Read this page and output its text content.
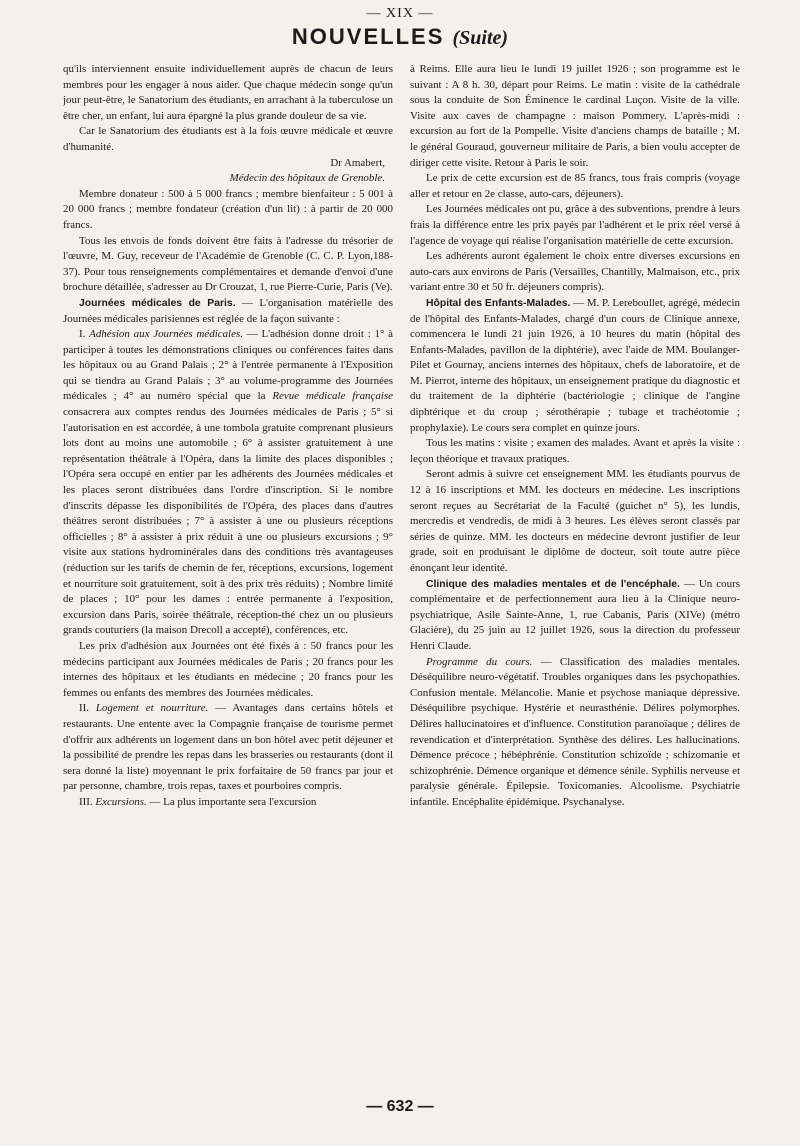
— XIX —
NOUVELLES (Suite)

qu'ils interviennent ensuite individuellement auprès de chacun de leurs membres pour les engager à nous aider. Que chaque médecin songe qu'un jour peut-être, le Sanatorium des étudiants, en arrachant à la tuberculose un être cher, un enfant, lui aura épargné la plus grande douleur de sa vie.

Car le Sanatorium des étudiants est à la fois œuvre médicale et œuvre d'humanité.

Dr Amabert,

Médecin des hôpitaux de Grenoble.

Membre donateur : 500 à 5 000 francs ; membre bienfaiteur : 5 001 à 20 000 francs ; membre fondateur (création d'un lit) : à partir de 20 000 francs.

Tous les envois de fonds doivent être faits à l'adresse du trésorier de l'œuvre, M. Guy, receveur de l'Académie de Grenoble (C. C. P. Lyon,188-37). Pour tous renseignements complémentaires et demande d'envoi d'une brochure détaillée, s'adresser au Dr Crouzat, 1, rue Pierre-Curie, Paris (Ve).

Journées médicales de Paris. — L'organisation matérielle des Journées médicales parisiennes est réglée de la façon suivante :

I. Adhésion aux Journées médicales. — L'adhésion donne droit : 1° à participer à toutes les démonstrations cliniques ou conférences faites dans les hôpitaux ou au Grand Palais ; 2° à l'entrée permanente à l'Exposition qui se tiendra au Grand Palais ; 3° au volume-programme des Journées médicales ; 4° au numéro spécial que la Revue médicale française consacrera aux comptes rendus des Journées médicales de Paris ; 5° si l'autorisation en est accordée, à une tombola gratuite comprenant plusieurs lots dont au moins une automobile ; 6° à assister gratuitement à une représentation théâtrale à l'Opéra, dans la limite des places disponibles ; l'Opéra sera occupé en entier par les adhérents des Journées médicales et les places seront distribuées dans l'ordre d'inscription. Si le nombre d'inscrits dépasse les disponibilités de l'Opéra, des places dans d'autres théâtres seront distribuées ; 7° à assister à une ou plusieurs réceptions officielles ; 8° à assister à prix réduit à une ou plusieurs excursions ; 9° visite aux stations hydrominérales dans des conditions très avantageuses (réduction sur les tarifs de chemin de fer, réceptions, excursions, logement et nourriture soit gratuitement, soit à des prix très réduits) ; Nombre limité de places ; 10° pour les dames : entrée permanente à l'exposition, excursion dans Paris, soirée théâtrale, réception-thé chez un ou plusieurs grands couturiers (la maison Drecoll a accepté), conférences, etc.

Les prix d'adhésion aux Journées ont été fixés à : 50 francs pour les médecins participant aux Journées médicales de Paris ; 20 francs pour les internes des hôpitaux et les étudiants en médecine ; 20 francs pour les femmes ou enfants des membres des Journées médicales.

II. Logement et nourriture. — Avantages dans certains hôtels et restaurants. Une entente avec la Compagnie française de tourisme permet d'offrir aux adhérents un logement dans un bon hôtel avec petit déjeuner et la possibilité de prendre les repas dans les brasseries ou restaurants (dont il sera donné la liste) moyennant le prix forfaitaire de 50 francs par jour et par personne, chambre, trois repas, taxes et pourboires compris.

III. Excursions. — La plus importante sera l'excursion

à Reims. Elle aura lieu le lundi 19 juillet 1926 ; son programme est le suivant : A 8 h. 30, départ pour Reims. Le matin : visite de la cathédrale sous la conduite de Son Éminence le cardinal Luçon. Visite de la ville. Visite aux caves de champagne : maison Pommery. L'après-midi : excursion au fort de la Pompelle. Visite d'anciens champs de bataille ; M. le général Gouraud, gouverneur militaire de Paris, a bien voulu accepter de diriger cette visite. Retour à Paris le soir.

Le prix de cette excursion est de 85 francs, tous frais compris (voyage aller et retour en 2e classe, auto-cars, déjeuners).

Les Journées médicales ont pu, grâce à des subventions, prendre à leurs frais la différence entre les prix payés par l'adhérent et le prix réel versé à l'agence de voyage qui réalise l'organisation matérielle de cette excursion.

Les adhérents auront également le choix entre diverses excursions en auto-cars aux environs de Paris (Versailles, Chantilly, Malmaison, etc., prix variant entre 30 et 50 fr. déjeuners compris).

Hôpital des Enfants-Malades. — M. P. Lereboullet, agrégé, médecin de l'hôpital des Enfants-Malades, chargé d'un cours de Clinique annexe, commencera le lundi 21 juin 1926, à 10 heures du matin (hôpital des Enfants-Malades, pavillon de la diphtérie), avec l'aide de MM. Boulanger-Pilet et Gournay, anciens internes des hôpitaux, chefs de laboratoire, et de M. Pierrot, interne des hôpitaux, un enseignement pratique du diagnostic et du traitement de la diphtérie (bactériologie ; clinique de l'angine diphtérique et du croup ; sérothérapie ; tubage et trachéotomie ; prophylaxie). Le cours sera complet en quinze jours.

Tous les matins : visite ; examen des malades. Avant et après la visite : leçon théorique et travaux pratiques.

Seront admis à suivre cet enseignement MM. les étudiants pourvus de 12 à 16 inscriptions et MM. les docteurs en médecine. Les inscriptions seront reçues au Secrétariat de la Faculté (guichet n° 5), les lundis, mercredis et vendredis, de midi à 3 heures. Les élèves seront classés par séries de quinze. MM. les docteurs en médecine devront justifier de leur grade, soit en produisant le diplôme de docteur, soit toute autre pièce énonçant leur identité.

Clinique des maladies mentales et de l'encéphale. — Un cours complémentaire et de perfectionnement aura lieu à la Clinique neuro-psychiatrique, Asile Sainte-Anne, 1, rue Cabanis, Paris (XIVe) (métro Glacière), du 25 juin au 12 juillet 1926, sous la direction du professeur Henri Claude.

Programme du cours. — Classification des maladies mentales. Déséquilibre neuro-végétatif. Troubles organiques dans les psychopathies. Confusion mentale. Mélancolie. Manie et psychose maniaque dépressive. Déséquilibre psychique. Hystérie et neurasthénie. Délires polymorphes. Délires hallucinatoires et d'influence. Constitution paranoïaque ; délires de revendication et d'interprétation. Synthèse des délires. Les hallucinations. Démence précoce ; hébéphrénie. Constitution schizoïde ; schizomanie et schizophrénie. Démence organique et démence sénile. Syphilis nerveuse et paralysie générale. Épilepsie. Toxicomanies. Alcoolisme. Psychiatrie infantile. Encéphalite épidémique. Psychanalyse.

— 632 —
